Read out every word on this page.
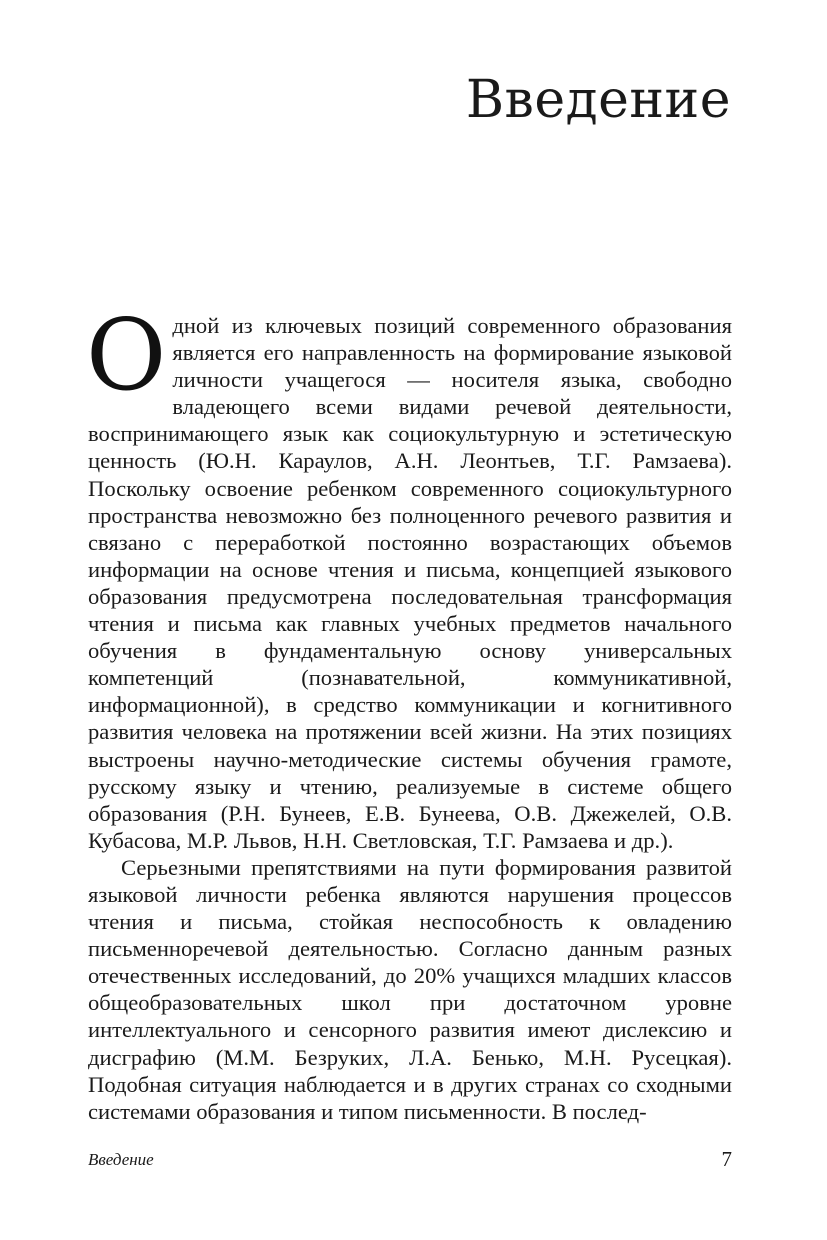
Введение

Одной из ключевых позиций современного образования является его направленность на формирование языковой личности учащегося — носителя языка, свободно владеющего всеми видами речевой деятельности, воспринимающего язык как социокультурную и эстетическую ценность (Ю.Н. Караулов, А.Н. Леонтьев, Т.Г. Рамзаева). Поскольку освоение ребенком современного социокультурного пространства невозможно без полноценного речевого развития и связано с переработкой постоянно возрастающих объемов информации на основе чтения и письма, концепцией языкового образования предусмотрена последовательная трансформация чтения и письма как главных учебных предметов начального обучения в фундаментальную основу универсальных компетенций (познавательной, коммуникативной, информационной), в средство коммуникации и когнитивного развития человека на протяжении всей жизни. На этих позициях выстроены научно-методические системы обучения грамоте, русскому языку и чтению, реализуемые в системе общего образования (Р.Н. Бунеев, Е.В. Бунеева, О.В. Джежелей, О.В. Кубасова, М.Р. Львов, Н.Н. Светловская, Т.Г. Рамзаева и др.).

Серьезными препятствиями на пути формирования развитой языковой личности ребенка являются нарушения процессов чтения и письма, стойкая неспособность к овладению письменноречевой деятельностью. Согласно данным разных отечественных исследований, до 20% учащихся младших классов общеобразовательных школ при достаточном уровне интеллектуального и сенсорного развития имеют дислексию и дисграфию (М.М. Безруких, Л.А. Бенько, М.Н. Русецкая). Подобная ситуация наблюдается и в других странах со сходными системами образования и типом письменности. В послед-

Введение	7
